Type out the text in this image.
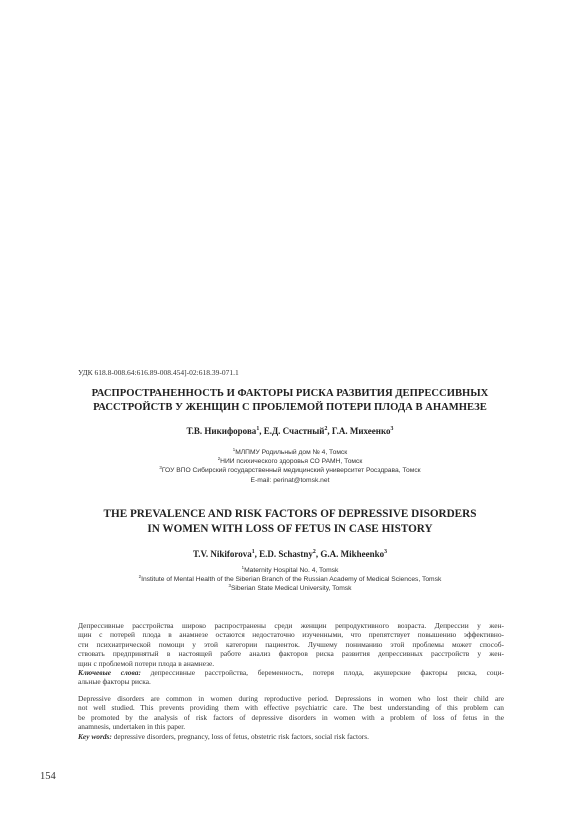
УДК 618.8-008.64:616.89-008.454]-02:618.39-071.1
РАСПРОСТРАНЕННОСТЬ И ФАКТОРЫ РИСКА РАЗВИТИЯ ДЕПРЕССИВНЫХ
РАССТРОЙСТВ У ЖЕНЩИН С ПРОБЛЕМОЙ ПОТЕРИ ПЛОДА В АНАМНЕЗЕ
Т.В. Никифорова$^1$, Е.Д. Счастный$^2$, Г.А. Михеенко$^3$
$^1$МЛПМУ Родильный дом № 4, Томск
$^2$НИИ психического здоровья СО РАМН, Томск
$^3$ГОУ ВПО Сибирский государственный медицинский университет Росздрава, Томск
E-mail: perinat@tomsk.net
THE PREVALENCE AND RISK FACTORS OF DEPRESSIVE DISORDERS
IN WOMEN WITH LOSS OF FETUS IN CASE HISTORY
T.V. Nikiforova$^1$, E.D. Schastny$^2$, G.A. Mikheenko$^3$
$^1$Maternity Hospital No. 4, Tomsk
$^2$Institute of Mental Health of the Siberian Branch of the Russian Academy of Medical Sciences, Tomsk
$^3$Siberian State Medical University, Tomsk
Депрессивные расстройства широко распространены среди женщин репродуктивного возраста. Депрессии у жен-
щин с потерей плода в анамнезе остаются недостаточно изученными, что препятствует повышению эффективно-
сти психиатрической помощи у этой категории пациенток. Лучшему пониманию этой проблемы может способ-
ствовать предпринятый в настоящей работе анализ факторов риска развития депрессивных расстройств у жен-
щин с проблемой потери плода в анамнезе.
Ключевые слова: депрессивные расстройства, беременность, потеря плода, акушерские факторы риска, соци-
альные факторы риска.
Depressive disorders are common in women during reproductive period. Depressions in women who lost their child are
not well studied. This prevents providing them with effective psychiatric care. The best understanding of this problem can
be promoted by the analysis of risk factors of depressive disorders in women with a problem of loss of fetus in the
anamnesis, undertaken in this paper.
Key words: depressive disorders, pregnancy, loss of fetus, obstetric risk factors, social risk factors.
154
